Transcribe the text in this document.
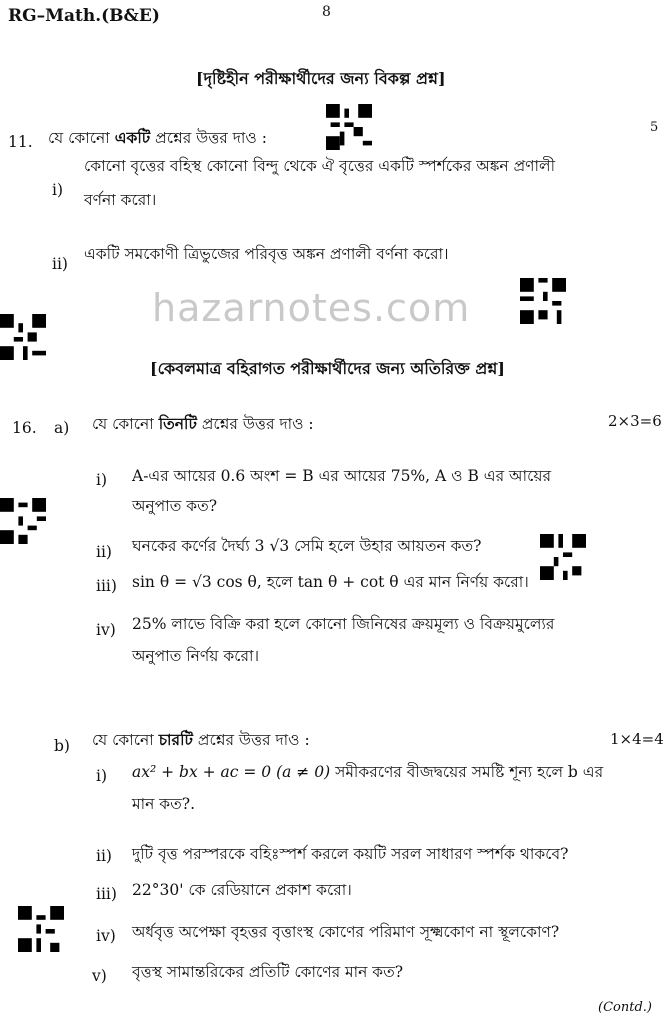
RG–Math.(B&E)	8
[দৃষ্টিহীন পরীক্ষার্থীদের জন্য বিকল্প প্রশ্ন]
11. যে কোনো একটি প্রশ্নের উত্তর দাও :
5
i)
কোনো বৃত্তের বহিস্থ কোনো বিন্দু থেকে ঐ বৃত্তের একটি স্পর্শকের অঙ্কন প্রণালী
বর্ণনা করো।
ii)
একটি সমকোণী ত্রিভুজের পরিবৃত্ত অঙ্কন প্রণালী বর্ণনা করো।
hazarnotes.com
[কেবলমাত্র বহিরাগত পরীক্ষার্থীদের জন্য অতিরিক্ত প্রশ্ন]
16. a) যে কোনো তিনটি প্রশ্নের উত্তর দাও :	2×3=6
i) A-এর আয়ের 0.6 অংশ = B এর আয়ের 75%, A ও B এর আয়ের
অনুপাত কত?
ii) ঘনকের কর্ণের দৈর্ঘ্য 3 √3 সেমি হলে উহার আয়তন কত?
iii) sin θ = √3 cos θ, হলে tan θ + cot θ এর মান নির্ণয় করো।
iv) 25% লাভে বিক্রি করা হলে কোনো জিনিষের ক্রয়মূল্য ও বিক্রয়মুল্যের
অনুপাত নির্ণয় করো।
b) যে কোনো চারটি প্রশ্নের উত্তর দাও :	1×4=4
i) ax² + bx + ac = 0 (a ≠ 0) সমীকরণের বীজদ্বয়ের সমষ্টি শূন্য হলে b এর
মান কত?.
ii) দুটি বৃত্ত পরস্পরকে বহিঃস্পর্শ করলে কয়টি সরল সাধারণ স্পর্শক থাকবে?
iii) 22°30' কে রেডিয়ানে প্রকাশ করো।
iv) অর্ধবৃত্ত অপেক্ষা বৃহত্তর বৃত্তাংস্থ কোণের পরিমাণ সূক্ষ্মকোণ না স্থূলকোণ?
v) বৃত্তস্থ সামান্তরিকের প্রতিটি কোণের মান কত?
(Contd.)
